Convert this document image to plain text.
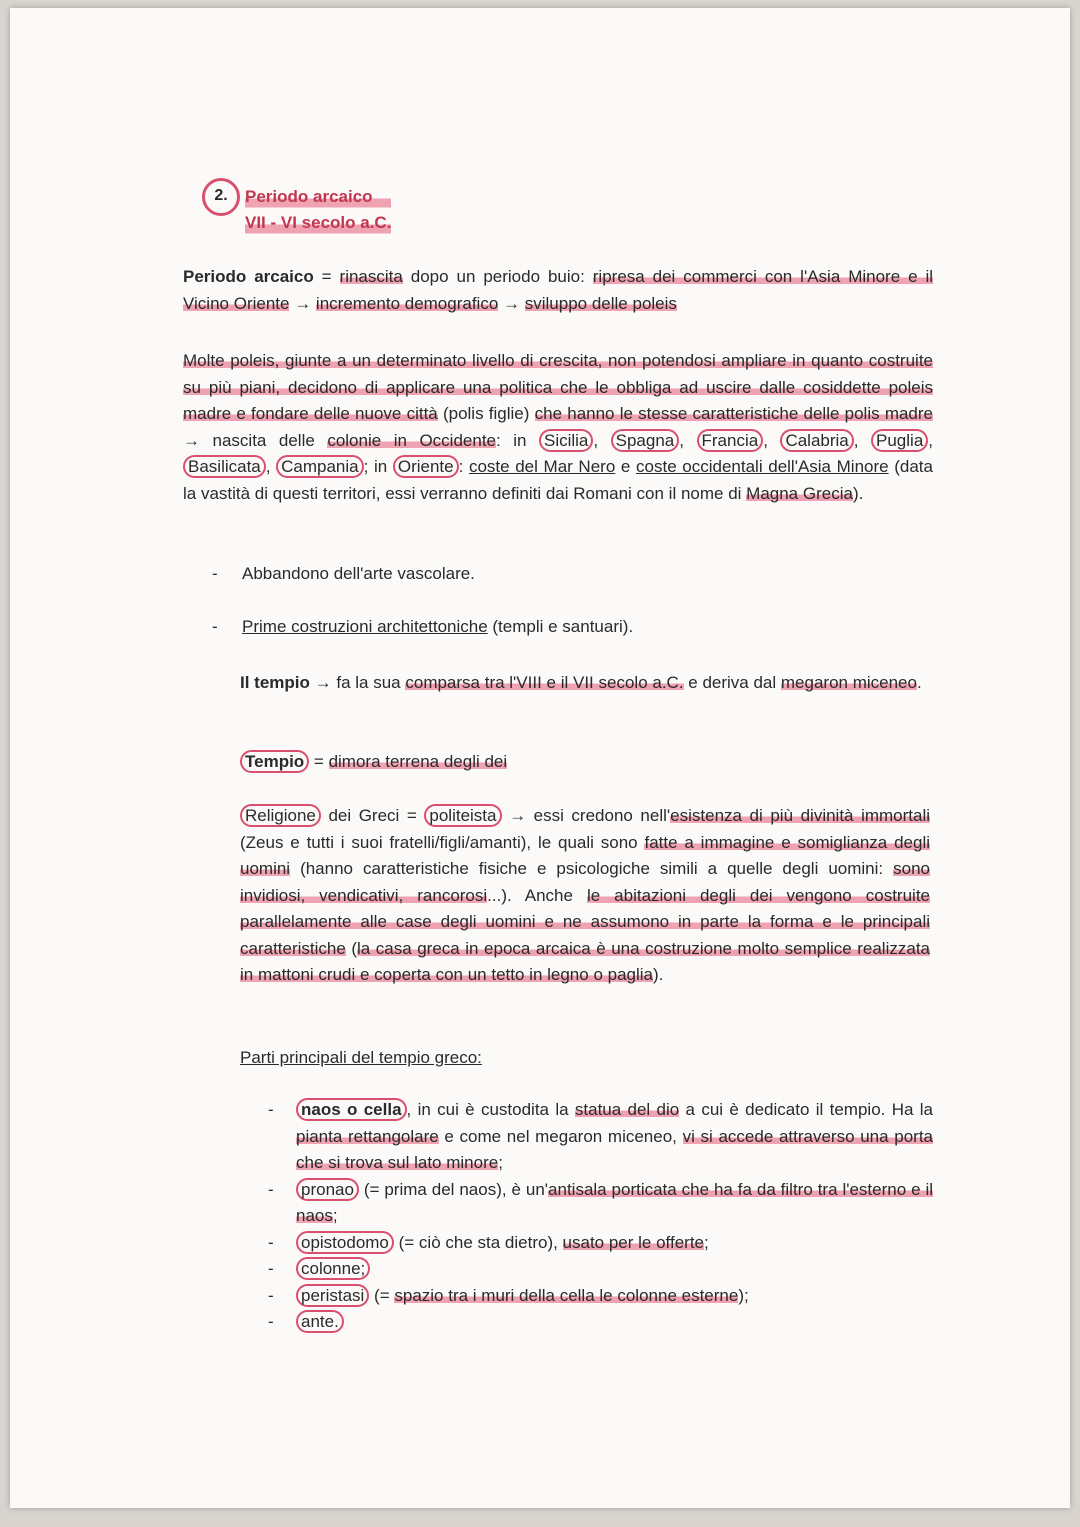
2.	Periodo arcaico
VII - VI secolo a.C.
Periodo arcaico = rinascita dopo un periodo buio: ripresa dei commerci con l'Asia Minore e il Vicino Oriente → incremento demografico → sviluppo delle poleis
Molte poleis, giunte a un determinato livello di crescita, non potendosi ampliare in quanto costruite su più piani, decidono di applicare una politica che le obbliga ad uscire dalle cosiddette poleis madre e fondare delle nuove città (polis figlie) che hanno le stesse caratteristiche delle polis madre → nascita delle colonie in Occidente: in Sicilia , Spagna , Francia , Calabria , Puglia , Basilicata , Campania ; in Oriente : coste del Mar Nero e coste occidentali dell'Asia Minore (data la vastità di questi territori, essi verranno definiti dai Romani con il nome di Magna Grecia).
- Abbandono dell'arte vascolare.
- Prime costruzioni architettoniche (templi e santuari).
Il tempio → fa la sua comparsa tra l'VIII e il VII secolo a.C. e deriva dal megaron miceneo.
Tempio = dimora terrena degli dei
Religione dei Greci = politeista → essi credono nell'esistenza di più divinità immortali (Zeus e tutti i suoi fratelli/figli/amanti), le quali sono fatte a immagine e somiglianza degli uomini (hanno caratteristiche fisiche e psicologiche simili a quelle degli uomini: sono invidiosi, vendicativi, rancorosi...). Anche le abitazioni degli dei vengono costruite parallelamente alle case degli uomini e ne assumono in parte la forma e le principali caratteristiche (la casa greca in epoca arcaica è una costruzione molto semplice realizzata in mattoni crudi e coperta con un tetto in legno o paglia).
Parti principali del tempio greco:
- naos o cella , in cui è custodita la statua del dio a cui è dedicato il tempio. Ha la pianta rettangolare e come nel megaron miceneo, vi si accede attraverso una porta che si trova sul lato minore;
- pronao (= prima del naos), è un'antisala porticata che ha fa da filtro tra l'esterno e il naos;
- opistodomo (= ciò che sta dietro), usato per le offerte;
- colonne;
- peristasi (= spazio tra i muri della cella le colonne esterne);
- ante.
